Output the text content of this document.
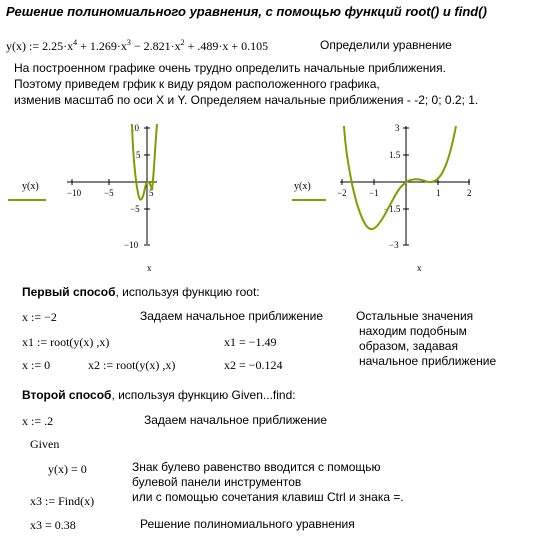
Решение полиномиального уравнения, с помощью функций root() и find()
y(x) := $2.25\cdot x^4 + 1.269\cdot x^3 - 2.821\cdot x^2 + .489\cdot x + 0.105$	Определили уравнение
На построенном графике очень трудно определить начальные приближения.
Поэтому приведем грфик к виду рядом расположенного графика,
изменив масштаб по оси X и Y. Определяем начальные приближения - -2; 0; 0.2; 1.
y(x)
−10	−5	5
10
5
−5
−10
x
y(x)
−2 −1	1	2
3
1.5
−1.5
−3
x
Первый способ, используя функцию root:
x := −2	Задаем начальное приближение
x1 := root(y(x) ,x)	x1 = −1.49
x := 0	x2 := root(y(x) ,x)	x2 = −0.124
Остальные значения
находим подобным
образом, задавая
начальное приближение
Второй способ, используя функцию Given...find:
x := .2	Задаем начальное приближение
Given
y(x) = 0	Знак булево равенство вводится с помощью
булевой панели инструментов
или с помощью сочетания клавиш Ctrl и знака =.
x3 := Find(x)
x3 = 0.38	Решение полиномиального уравнения
